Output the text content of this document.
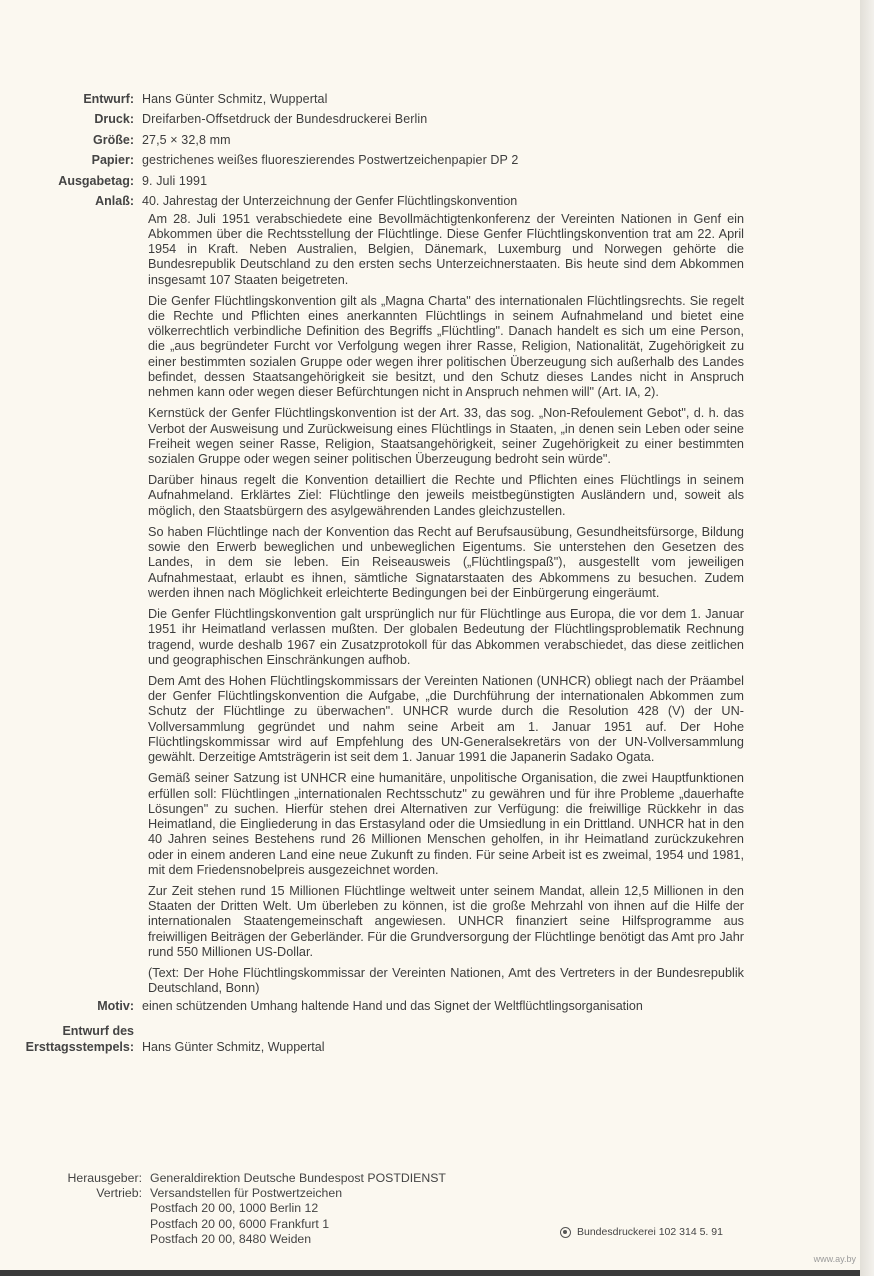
Entwurf: Hans Günter Schmitz, Wuppertal
Druck: Dreifarben-Offsetdruck der Bundesdruckerei Berlin
Größe: 27,5 × 32,8 mm
Papier: gestrichenes weißes fluoreszierendes Postwertzeichenpapier DP 2
Ausgabetag: 9. Juli 1991
Anlaß: 40. Jahrestag der Unterzeichnung der Genfer Flüchtlingskonvention
Am 28. Juli 1951 verabschiedete eine Bevollmächtigtenkonferenz der Vereinten Nationen in Genf ein Abkommen über die Rechtsstellung der Flüchtlinge. Diese Genfer Flüchtlingskonvention trat am 22. April 1954 in Kraft. Neben Australien, Belgien, Dänemark, Luxemburg und Norwegen gehörte die Bundesrepublik Deutschland zu den ersten sechs Unterzeichnerstaaten. Bis heute sind dem Abkommen insgesamt 107 Staaten beigetreten.
Die Genfer Flüchtlingskonvention gilt als „Magna Charta" des internationalen Flüchtlingsrechts. Sie regelt die Rechte und Pflichten eines anerkannten Flüchtlings in seinem Aufnahmeland und bietet eine völkerrechtlich verbindliche Definition des Begriffs „Flüchtling". Danach handelt es sich um eine Person, die „aus begründeter Furcht vor Verfolgung wegen ihrer Rasse, Religion, Nationalität, Zugehörigkeit zu einer bestimmten sozialen Gruppe oder wegen ihrer politischen Überzeugung sich außerhalb des Landes befindet, dessen Staatsangehörigkeit sie besitzt, und den Schutz dieses Landes nicht in Anspruch nehmen kann oder wegen dieser Befürchtungen nicht in Anspruch nehmen will" (Art. IA, 2).
Kernstück der Genfer Flüchtlingskonvention ist der Art. 33, das sog. „Non-Refoulement Gebot", d. h. das Verbot der Ausweisung und Zurückweisung eines Flüchtlings in Staaten, „in denen sein Leben oder seine Freiheit wegen seiner Rasse, Religion, Staatsangehörigkeit, seiner Zugehörigkeit zu einer bestimmten sozialen Gruppe oder wegen seiner politischen Überzeugung bedroht sein würde".
Darüber hinaus regelt die Konvention detailliert die Rechte und Pflichten eines Flüchtlings in seinem Aufnahmeland. Erklärtes Ziel: Flüchtlinge den jeweils meistbegünstigten Ausländern und, soweit als möglich, den Staatsbürgern des asylgewährenden Landes gleichzustellen.
So haben Flüchtlinge nach der Konvention das Recht auf Berufsausübung, Gesundheitsfürsorge, Bildung sowie den Erwerb beweglichen und unbeweglichen Eigentums. Sie unterstehen den Gesetzen des Landes, in dem sie leben. Ein Reiseausweis („Flüchtlingspaß"), ausgestellt vom jeweiligen Aufnahmestaat, erlaubt es ihnen, sämtliche Signatarstaaten des Abkommens zu besuchen. Zudem werden ihnen nach Möglichkeit erleichterte Bedingungen bei der Einbürgerung eingeräumt.
Die Genfer Flüchtlingskonvention galt ursprünglich nur für Flüchtlinge aus Europa, die vor dem 1. Januar 1951 ihr Heimatland verlassen mußten. Der globalen Bedeutung der Flüchtlingsproblematik Rechnung tragend, wurde deshalb 1967 ein Zusatzprotokoll für das Abkommen verabschiedet, das diese zeitlichen und geographischen Einschränkungen aufhob.
Dem Amt des Hohen Flüchtlingskommissars der Vereinten Nationen (UNHCR) obliegt nach der Präambel der Genfer Flüchtlingskonvention die Aufgabe, „die Durchführung der internationalen Abkommen zum Schutz der Flüchtlinge zu überwachen". UNHCR wurde durch die Resolution 428 (V) der UN-Vollversammlung gegründet und nahm seine Arbeit am 1. Januar 1951 auf. Der Hohe Flüchtlingskommissar wird auf Empfehlung des UN-Generalsekretärs von der UN-Vollversammlung gewählt. Derzeitige Amtsträgerin ist seit dem 1. Januar 1991 die Japanerin Sadako Ogata.
Gemäß seiner Satzung ist UNHCR eine humanitäre, unpolitische Organisation, die zwei Hauptfunktionen erfüllen soll: Flüchtlingen „internationalen Rechtsschutz" zu gewähren und für ihre Probleme „dauerhafte Lösungen" zu suchen. Hierfür stehen drei Alternativen zur Verfügung: die freiwillige Rückkehr in das Heimatland, die Eingliederung in das Erstasyland oder die Umsiedlung in ein Drittland. UNHCR hat in den 40 Jahren seines Bestehens rund 26 Millionen Menschen geholfen, in ihr Heimatland zurückzukehren oder in einem anderen Land eine neue Zukunft zu finden. Für seine Arbeit ist es zweimal, 1954 und 1981, mit dem Friedensnobelpreis ausgezeichnet worden.
Zur Zeit stehen rund 15 Millionen Flüchtlinge weltweit unter seinem Mandat, allein 12,5 Millionen in den Staaten der Dritten Welt. Um überleben zu können, ist die große Mehrzahl von ihnen auf die Hilfe der internationalen Staatengemeinschaft angewiesen. UNHCR finanziert seine Hilfsprogramme aus freiwilligen Beiträgen der Geberländer. Für die Grundversorgung der Flüchtlinge benötigt das Amt pro Jahr rund 550 Millionen US-Dollar.
(Text: Der Hohe Flüchtlingskommissar der Vereinten Nationen, Amt des Vertreters in der Bundesrepublik Deutschland, Bonn)
Motiv: einen schützenden Umhang haltende Hand und das Signet der Weltflüchtlingsorganisation
Entwurf des
Ersttagsstempels: Hans Günter Schmitz, Wuppertal
Herausgeber: Generaldirektion Deutsche Bundespost POSTDIENST
Vertrieb: Versandstellen für Postwertzeichen
Postfach 20 00, 1000 Berlin 12
Postfach 20 00, 6000 Frankfurt 1
Postfach 20 00, 8480 Weiden	Bundesdruckerei 102 314 5. 91
www.ay.by
